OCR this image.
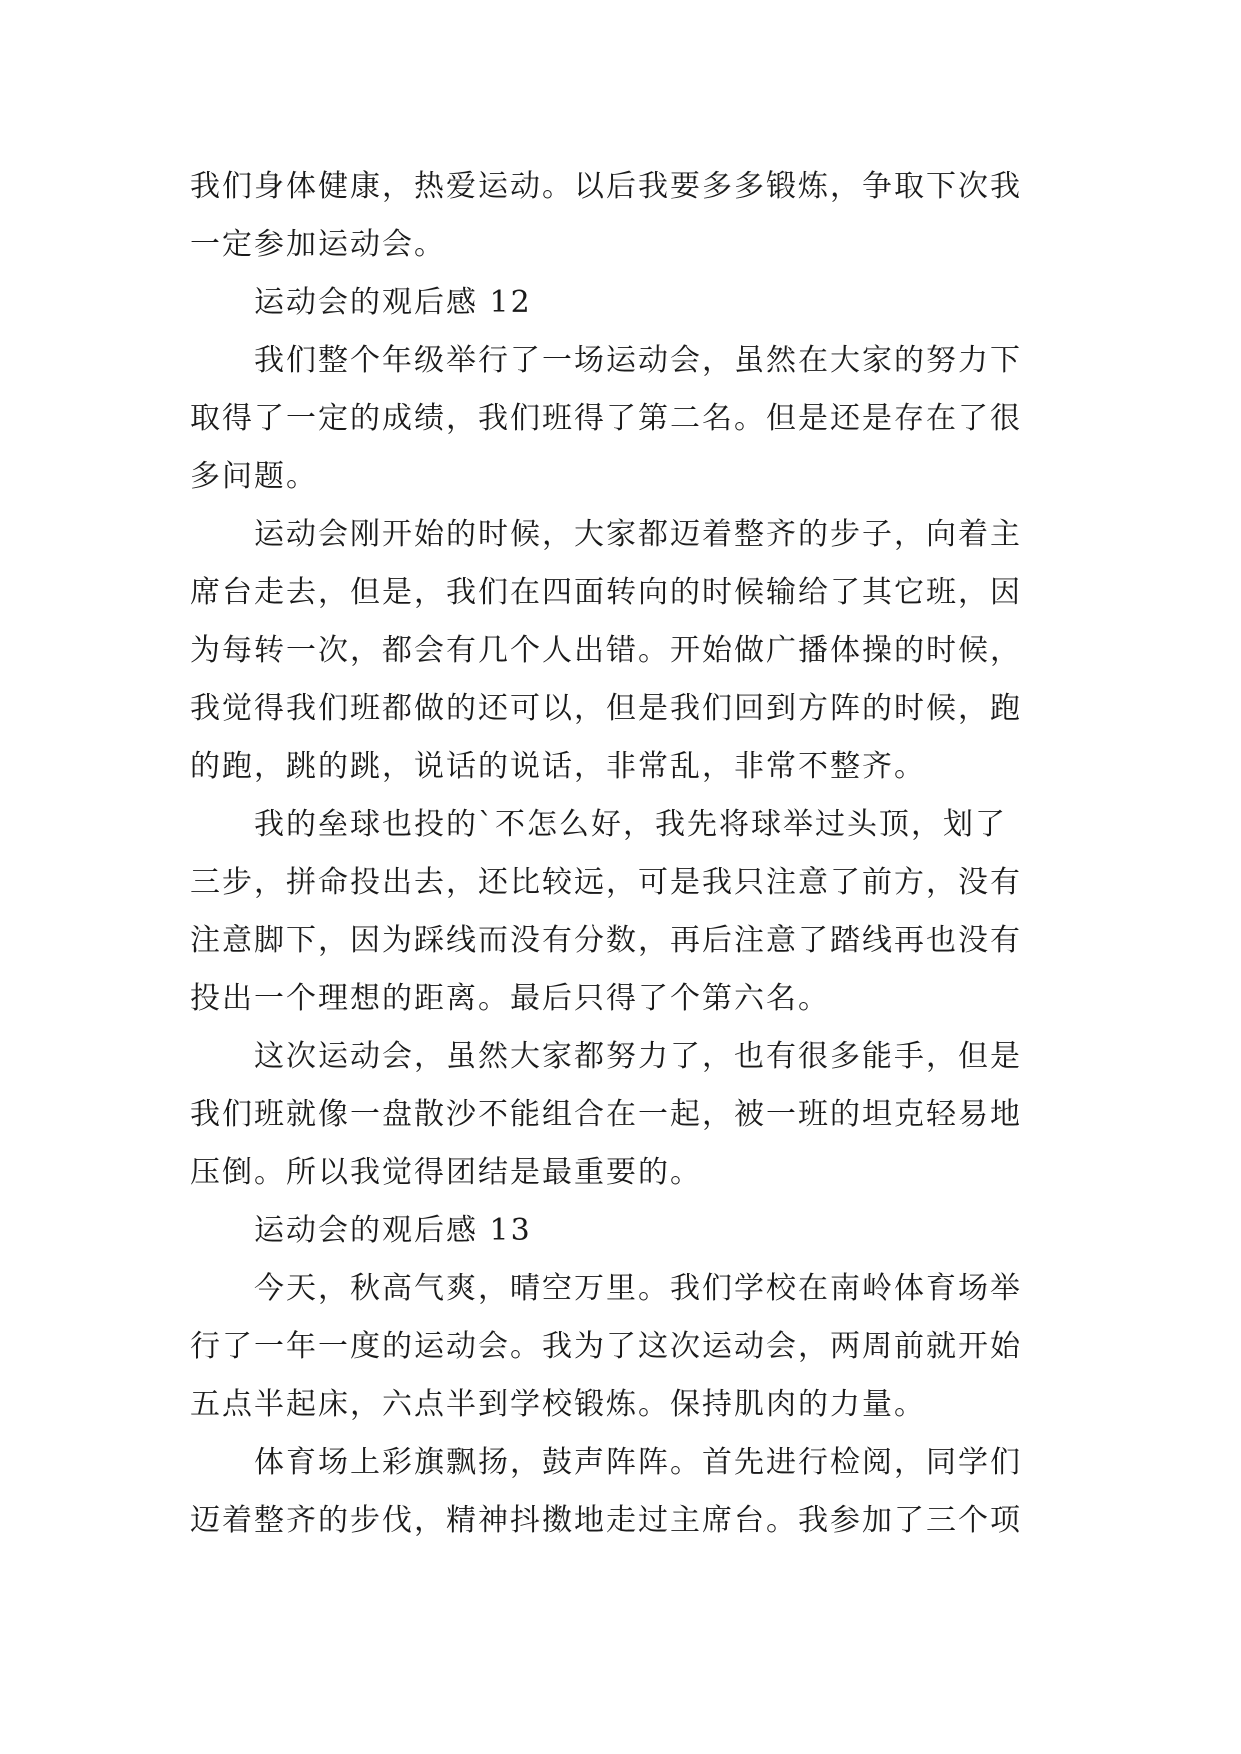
我们身体健康，热爱运动。以后我要多多锻炼，争取下次我
一定参加运动会。
运动会的观后感 12
我们整个年级举行了一场运动会，虽然在大家的努力下
取得了一定的成绩，我们班得了第二名。但是还是存在了很
多问题。
运动会刚开始的时候，大家都迈着整齐的步子，向着主
席台走去，但是，我们在四面转向的时候输给了其它班，因
为每转一次，都会有几个人出错。开始做广播体操的时候，
我觉得我们班都做的还可以，但是我们回到方阵的时候，跑
的跑，跳的跳，说话的说话，非常乱，非常不整齐。
我的垒球也投的`不怎么好，我先将球举过头顶，划了
三步，拼命投出去，还比较远，可是我只注意了前方，没有
注意脚下，因为踩线而没有分数，再后注意了踏线再也没有
投出一个理想的距离。最后只得了个第六名。
这次运动会，虽然大家都努力了，也有很多能手，但是
我们班就像一盘散沙不能组合在一起，被一班的坦克轻易地
压倒。所以我觉得团结是最重要的。
运动会的观后感 13
今天，秋高气爽，晴空万里。我们学校在南岭体育场举
行了一年一度的运动会。我为了这次运动会，两周前就开始
五点半起床，六点半到学校锻炼。保持肌肉的力量。
体育场上彩旗飘扬，鼓声阵阵。首先进行检阅，同学们
迈着整齐的步伐，精神抖擞地走过主席台。我参加了三个项
